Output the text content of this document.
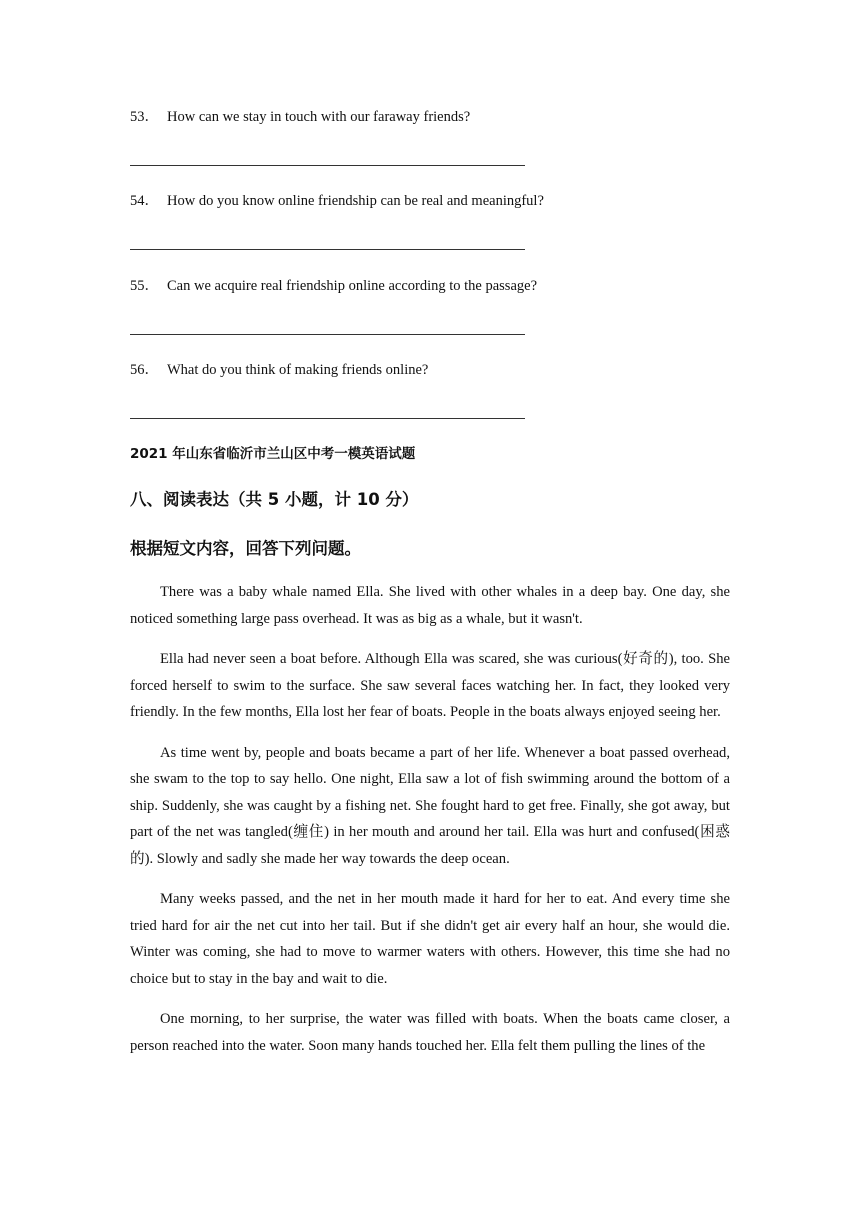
53． How can we stay in touch with our faraway friends?
54． How do you know online friendship can be real and meaningful?
55． Can we acquire real friendship online according to the passage?
56． What do you think of making friends online?
2021 年山东省临沂市兰山区中考一模英语试题
八、阅读表达（共 5 小题，计 10 分）
根据短文内容，回答下列问题。

There was a baby whale named Ella. She lived with other whales in a deep bay. One day, she noticed something large pass overhead. It was as big as a whale, but it wasn't.

Ella had never seen a boat before. Although Ella was scared, she was curious(好奇的), too. She forced herself to swim to the surface. She saw several faces watching her. In fact, they looked very friendly. In the few months, Ella lost her fear of boats. People in the boats always enjoyed seeing her.

As time went by, people and boats became a part of her life. Whenever a boat passed overhead, she swam to the top to say hello. One night, Ella saw a lot of fish swimming around the bottom of a ship. Suddenly, she was caught by a fishing net. She fought hard to get free. Finally, she got away, but part of the net was tangled(缠住) in her mouth and around her tail. Ella was hurt and confused(困惑的). Slowly and sadly she made her way towards the deep ocean.

Many weeks passed, and the net in her mouth made it hard for her to eat. And every time she tried hard for air the net cut into her tail. But if she didn't get air every half an hour, she would die. Winter was coming, she had to move to warmer waters with others. However, this time she had no choice but to stay in the bay and wait to die.

One morning, to her surprise, the water was filled with boats. When the boats came closer, a person reached into the water. Soon many hands touched her. Ella felt them pulling the lines of the
